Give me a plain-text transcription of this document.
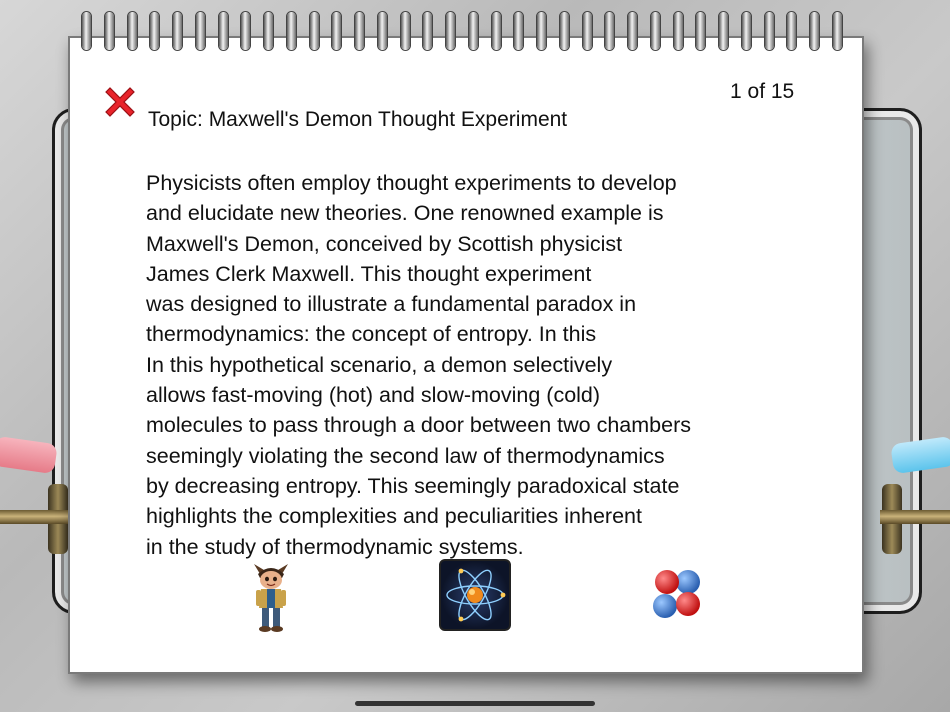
1 of 15
Topic: Maxwell's Demon Thought Experiment
Physicists often employ thought experiments to develop
and elucidate new theories. One renowned example is
Maxwell's Demon, conceived by Scottish physicist
James Clerk Maxwell. This thought experiment
was designed to illustrate a fundamental paradox in
thermodynamics: the concept of entropy. In this
In this hypothetical scenario, a demon selectively
allows fast-moving (hot) and slow-moving (cold)
molecules to pass through a door between two chambers
seemingly violating the second law of thermodynamics
by decreasing entropy. This seemingly paradoxical state
highlights the complexities and peculiarities inherent
in the study of thermodynamic systems.
